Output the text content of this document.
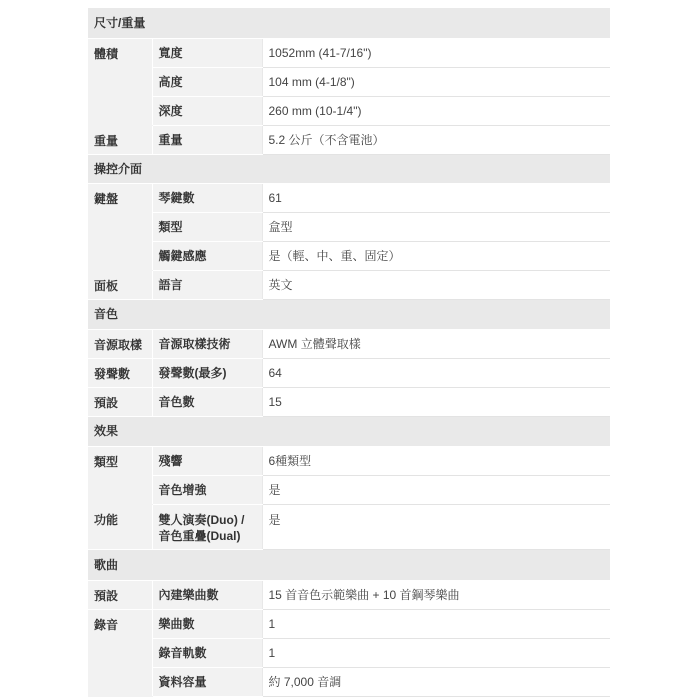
尺寸/重量		
體積	寬度	1052mm (41-7/16")
	高度	104 mm (4-1/8")
	深度	260 mm (10-1/4")
重量	重量	5.2 公斤（不含電池）
操控介面		
鍵盤	琴鍵數	61
	類型	盒型
	觸鍵感應	是（輕、中、重、固定）
面板	語言	英文
音色		
音源取樣	音源取樣技術	AWM 立體聲取樣
發聲數	發聲數(最多)	64
預設	音色數	15
效果		
類型	殘響	6種類型
	音色增強	是
功能	雙人演奏(Duo) / 音色重疊(Dual)	是
歌曲		
預設	內建樂曲數	15 首音色示範樂曲 + 10 首鋼琴樂曲
錄音	樂曲數	1
	錄音軌數	1
	資料容量	約 7,000 音調
